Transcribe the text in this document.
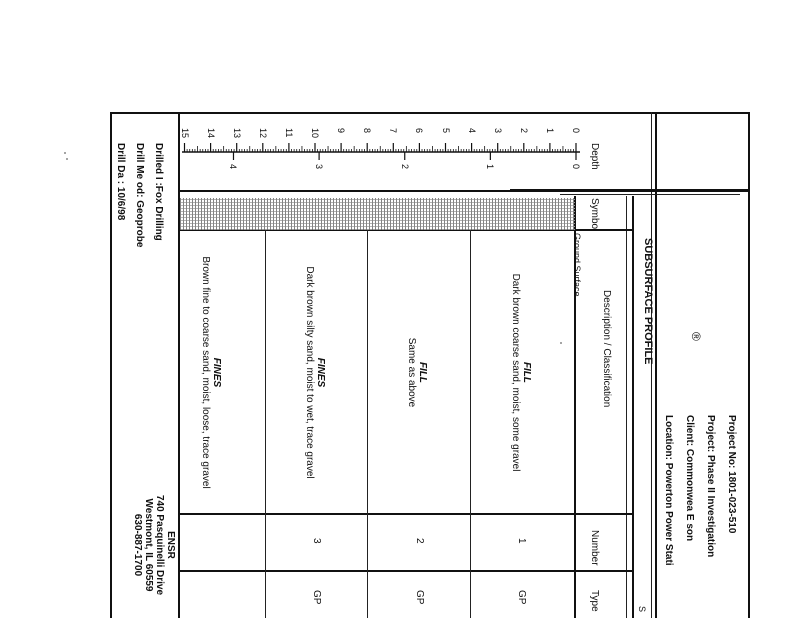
Project No: 1801-023-510
Project: Phase II Investigation
Client: Commonwea E son
Location: Powerton Power Stati
®
S
SUBSURFACE PROFILE
Depth
Symbol
Description / Classification
Number
Type
Ground Surface
0
1
2
3
4
5
6
7
8
9
10
11
12
13
14
15
0
1
2
3
4
FILL
Dark brown coarse sand, moist, some gravel
FILL
Same as above
FINES
Dark brown silty sand, moist to wet, trace gravel
FINES
Brown fine to coarse sand, moist, loose, trace gravel
1
2
3
GP
GP
GP
Drilled I :Fox Drilling
Drill Me od: Geoprobe
Drill Da : 10/6/98
ENSR
740 Pasquinelli Drive
Westmont, IL 60559
630-887-1700
